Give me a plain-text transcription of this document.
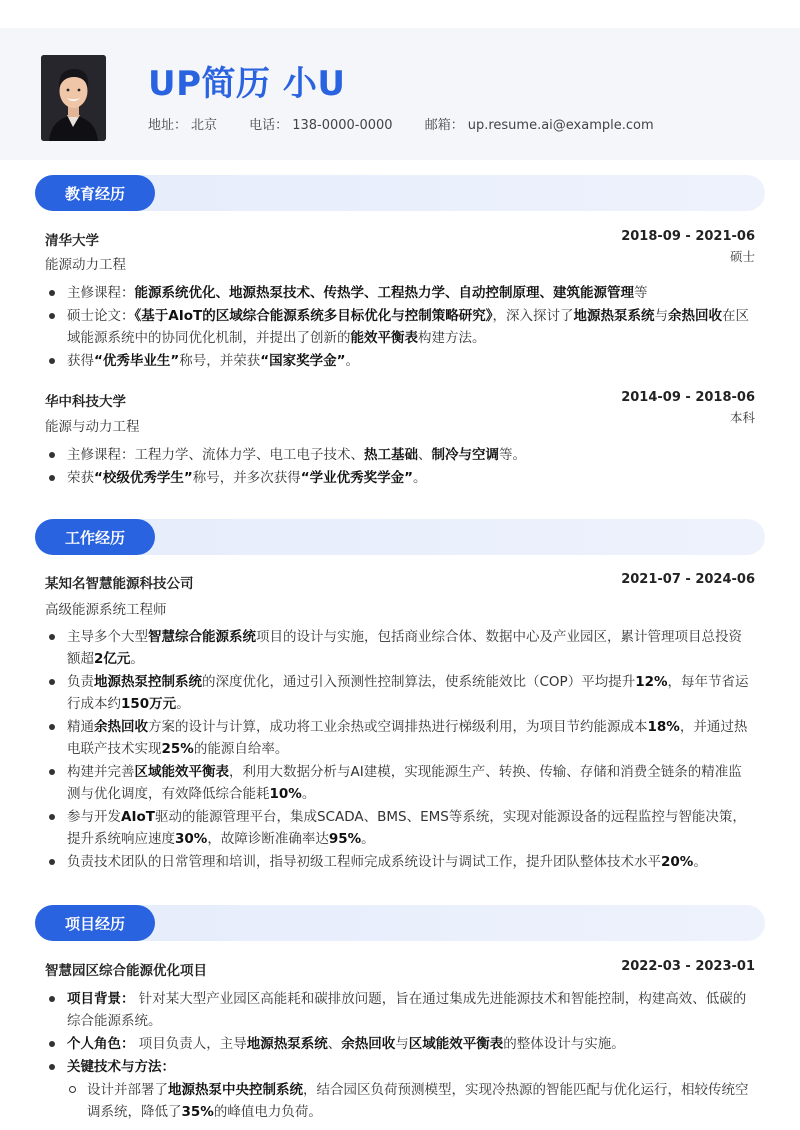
UP简历 小U
地址： 北京 电话： 138-0000-0000 邮箱： up.resume.ai@example.com
教育经历
清华大学	2018-09 - 2021-06
能源动力工程
硕士
主修课程：能源系统优化、地源热泵技术、传热学、工程热力学、自动控制原理、建筑能源管理等
硕士论文：《基于AIoT的区域综合能源系统多目标优化与控制策略研究》，深入探讨了地源热泵系统与余热回收在区域能源系统中的协同优化机制，并提出了创新的能效平衡表构建方法。
获得“优秀毕业生”称号，并荣获“国家奖学金”。
华中科技大学	2014-09 - 2018-06
能源与动力工程
本科
主修课程：工程力学、流体力学、电工电子技术、热工基础、制冷与空调等。
荣获“校级优秀学生”称号，并多次获得“学业优秀奖学金”。
工作经历
某知名智慧能源科技公司	2021-07 - 2024-06
高级能源系统工程师
主导多个大型智慧综合能源系统项目的设计与实施，包括商业综合体、数据中心及产业园区，累计管理项目总投资额超2亿元。
负责地源热泵控制系统的深度优化，通过引入预测性控制算法，使系统能效比（COP）平均提升12%，每年节省运行成本约150万元。
精通余热回收方案的设计与计算，成功将工业余热或空调排热进行梯级利用，为项目节约能源成本18%，并通过热电联产技术实现25%的能源自给率。
构建并完善区域能效平衡表，利用大数据分析与AI建模，实现能源生产、转换、传输、存储和消费全链条的精准监测与优化调度，有效降低综合能耗10%。
参与开发AIoT驱动的能源管理平台，集成SCADA、BMS、EMS等系统，实现对能源设备的远程监控与智能决策，提升系统响应速度30%，故障诊断准确率达95%。
负责技术团队的日常管理和培训，指导初级工程师完成系统设计与调试工作，提升团队整体技术水平20%。
项目经历
智慧园区综合能源优化项目	2022-03 - 2023-01
项目背景： 针对某大型产业园区高能耗和碳排放问题，旨在通过集成先进能源技术和智能控制，构建高效、低碳的综合能源系统。
个人角色： 项目负责人，主导地源热泵系统、余热回收与区域能效平衡表的整体设计与实施。
关键技术与方法：
设计并部署了地源热泵中央控制系统，结合园区负荷预测模型，实现冷热源的智能匹配与优化运行，相较传统空调系统，降低了35%的峰值电力负荷。
